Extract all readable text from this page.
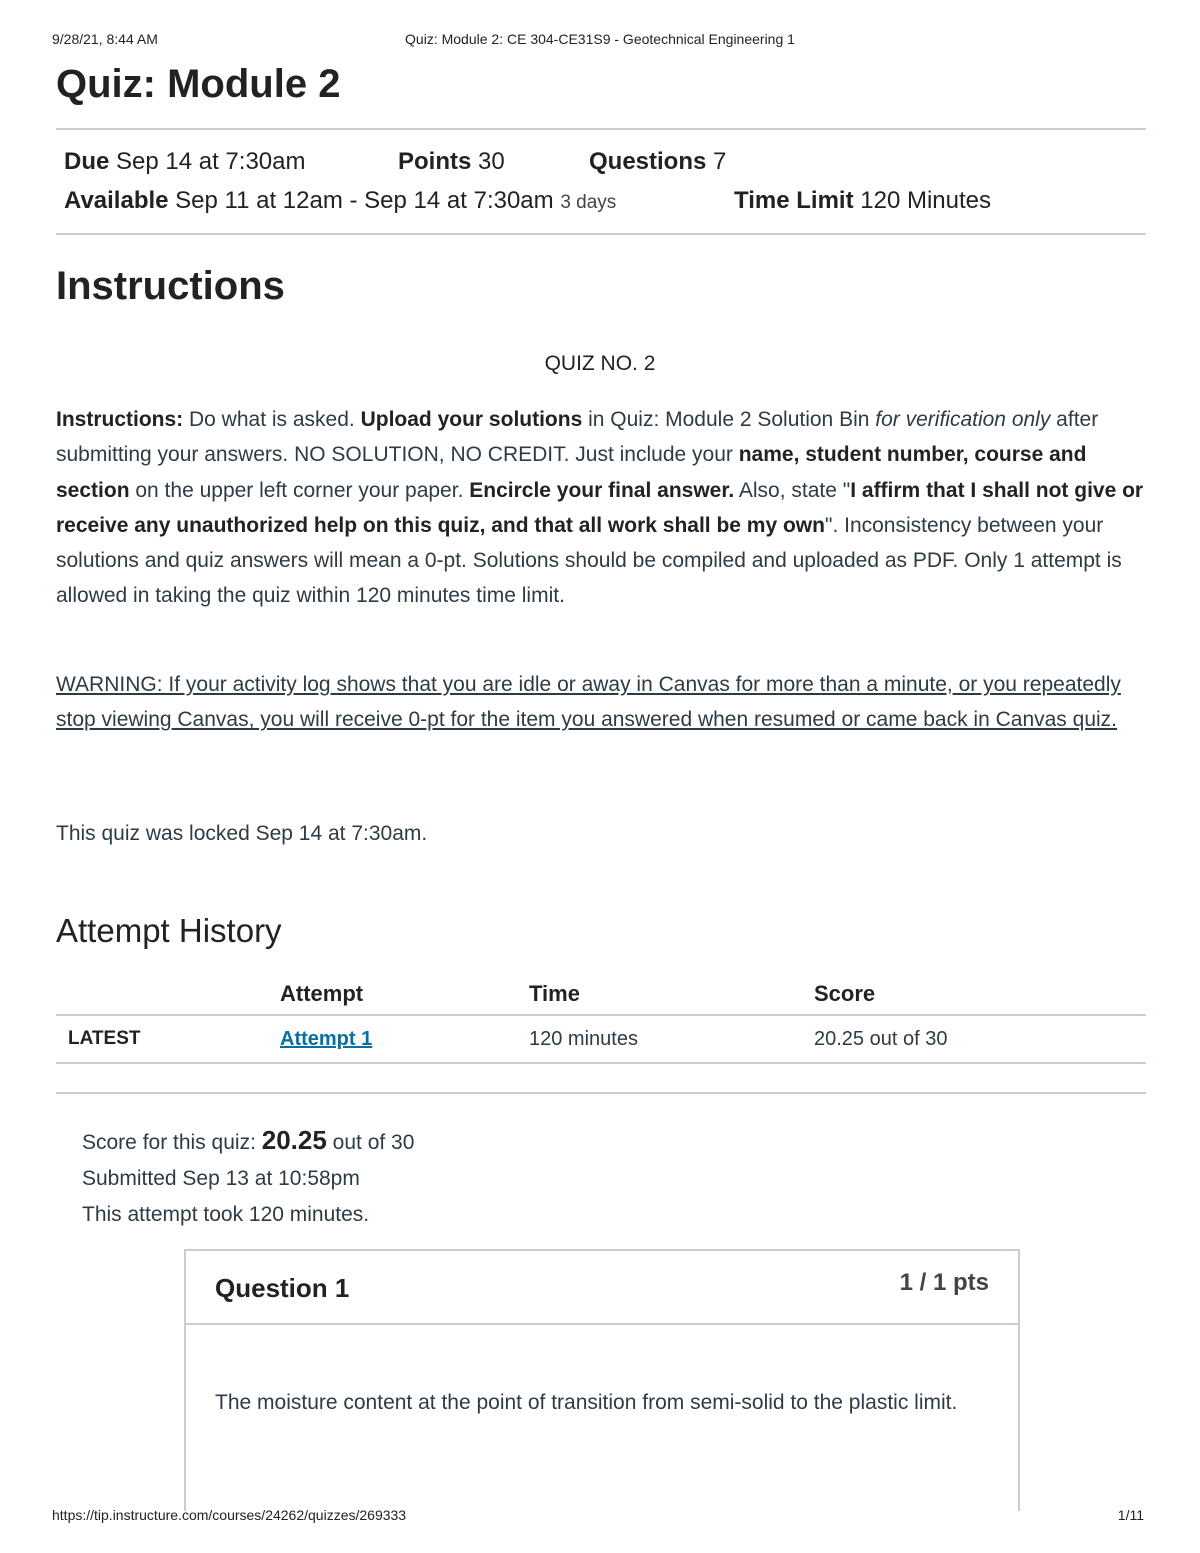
9/28/21, 8:44 AM	Quiz: Module 2: CE 304-CE31S9 - Geotechnical Engineering 1
Quiz: Module 2
Due Sep 14 at 7:30am	Points 30	Questions 7
Available Sep 11 at 12am - Sep 14 at 7:30am 3 days	Time Limit 120 Minutes
Instructions
QUIZ NO. 2
Instructions: Do what is asked. Upload your solutions in Quiz: Module 2 Solution Bin for verification only after submitting your answers. NO SOLUTION, NO CREDIT. Just include your name, student number, course and section on the upper left corner your paper. Encircle your final answer. Also, state "I affirm that I shall not give or receive any unauthorized help on this quiz, and that all work shall be my own". Inconsistency between your solutions and quiz answers will mean a 0-pt. Solutions should be compiled and uploaded as PDF. Only 1 attempt is allowed in taking the quiz within 120 minutes time limit.
WARNING: If your activity log shows that you are idle or away in Canvas for more than a minute, or you repeatedly stop viewing Canvas, you will receive 0-pt for the item you answered when resumed or came back in Canvas quiz.
This quiz was locked Sep 14 at 7:30am.
Attempt History
	Attempt	Time	Score
LATEST	Attempt 1	120 minutes	20.25 out of 30
Score for this quiz: 20.25 out of 30
Submitted Sep 13 at 10:58pm
This attempt took 120 minutes.
Question 1	1 / 1 pts
The moisture content at the point of transition from semi-solid to the plastic limit.
https://tip.instructure.com/courses/24262/quizzes/269333	1/11
